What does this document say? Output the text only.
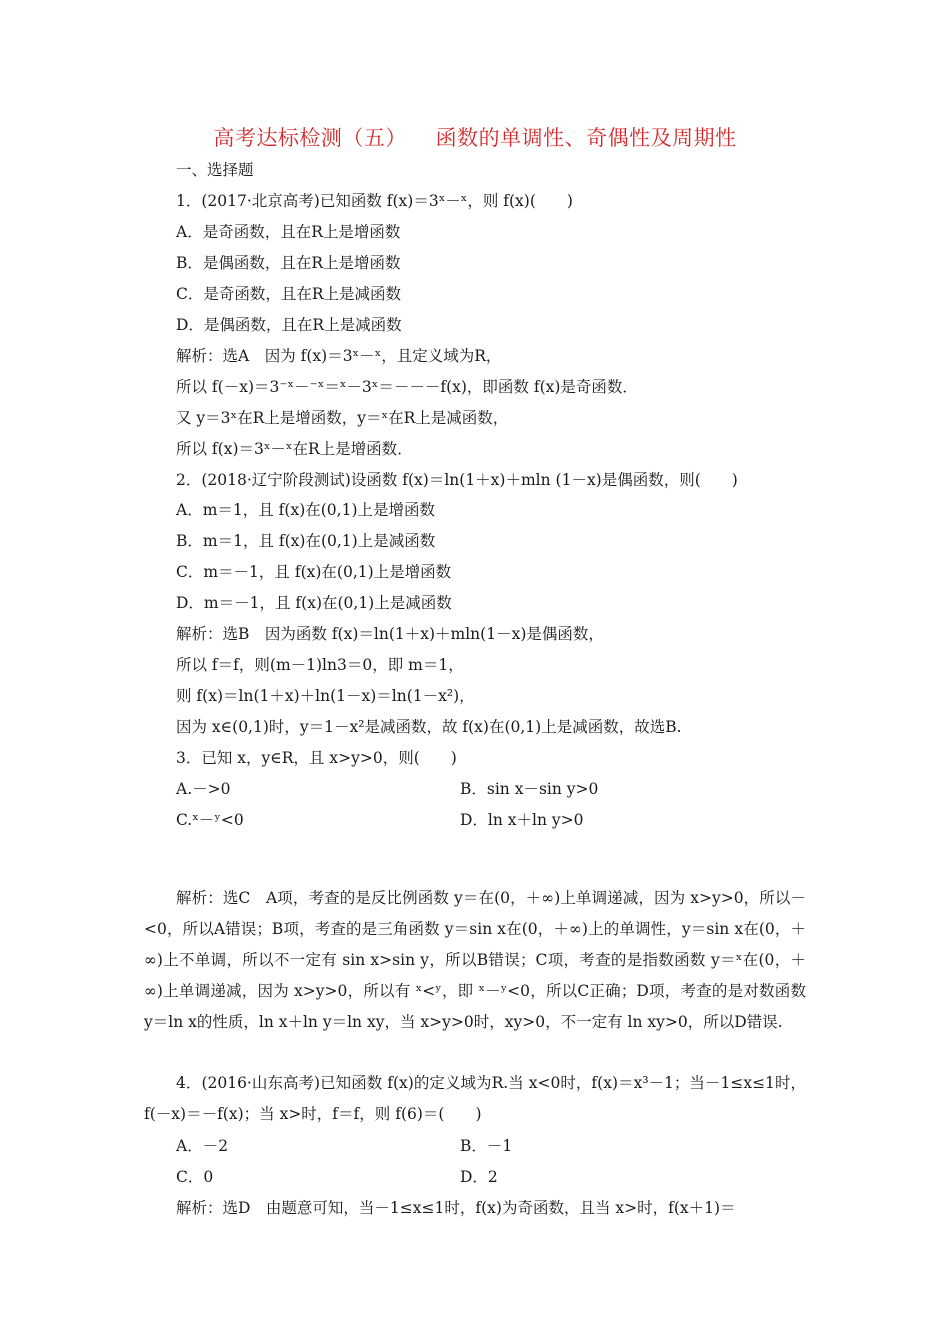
高考达标检测（五）    函数的单调性、奇偶性及周期性
一、选择题
1．(2017·北京高考)已知函数 f(x)＝3ˣ－ˣ，则 f(x)(　　)
A．是奇函数，且在R上是增函数
B．是偶函数，且在R上是增函数
C．是奇函数，且在R上是减函数
D．是偶函数，且在R上是减函数
解析：选A　因为 f(x)＝3ˣ－ˣ，且定义域为R，
所以 f(－x)＝3⁻ˣ－⁻ˣ＝ˣ－3ˣ＝－－－f(x)，即函数 f(x)是奇函数．
又 y＝3ˣ在R上是增函数，y＝ˣ在R上是减函数，
所以 f(x)＝3ˣ－ˣ在R上是增函数．
2．(2018·辽宁阶段测试)设函数 f(x)＝ln(1＋x)＋mln (1－x)是偶函数，则(　　)
A．m＝1，且 f(x)在(0,1)上是增函数
B．m＝1，且 f(x)在(0,1)上是减函数
C．m＝－1，且 f(x)在(0,1)上是增函数
D．m＝－1，且 f(x)在(0,1)上是减函数
解析：选B　因为函数 f(x)＝ln(1＋x)＋mln(1－x)是偶函数，
所以 f＝f，则(m－1)ln3＝0，即 m＝1，
则 f(x)＝ln(1＋x)＋ln(1－x)＝ln(1－x²)，
因为 x∈(0,1)时，y＝1－x²是减函数，故 f(x)在(0,1)上是减函数，故选B.
3．已知 x，y∈R，且 x>y>0，则(　　)
A.－>0	B．sin x－sin y>0
C.ˣ－ʸ<0	D．ln x＋ln y>0
解析：选C　A项，考查的是反比例函数 y＝在(0，＋∞)上单调递减，因为 x>y>0，所以－<0，所以A错误；B项，考查的是三角函数 y＝sin x在(0，＋∞)上的单调性，y＝sin x在(0，＋∞)上不单调，所以不一定有 sin x>sin y，所以B错误；C项，考查的是指数函数 y＝ˣ在(0，＋∞)上单调递减，因为 x>y>0，所以有 ˣ<ʸ，即 ˣ－ʸ<0，所以C正确；D项，考查的是对数函数 y＝ln x的性质，ln x＋ln y＝ln xy，当 x>y>0时，xy>0，不一定有 ln xy>0，所以D错误.
4．(2016·山东高考)已知函数 f(x)的定义域为R.当 x<0时，f(x)＝x³－1；当－1≤x≤1时，f(－x)＝－f(x)；当 x>时，f＝f，则 f(6)＝(　　)
A．－2	B．－1
C．0	D．2
解析：选D　由题意可知，当－1≤x≤1时，f(x)为奇函数，且当 x>时，f(x＋1)＝
